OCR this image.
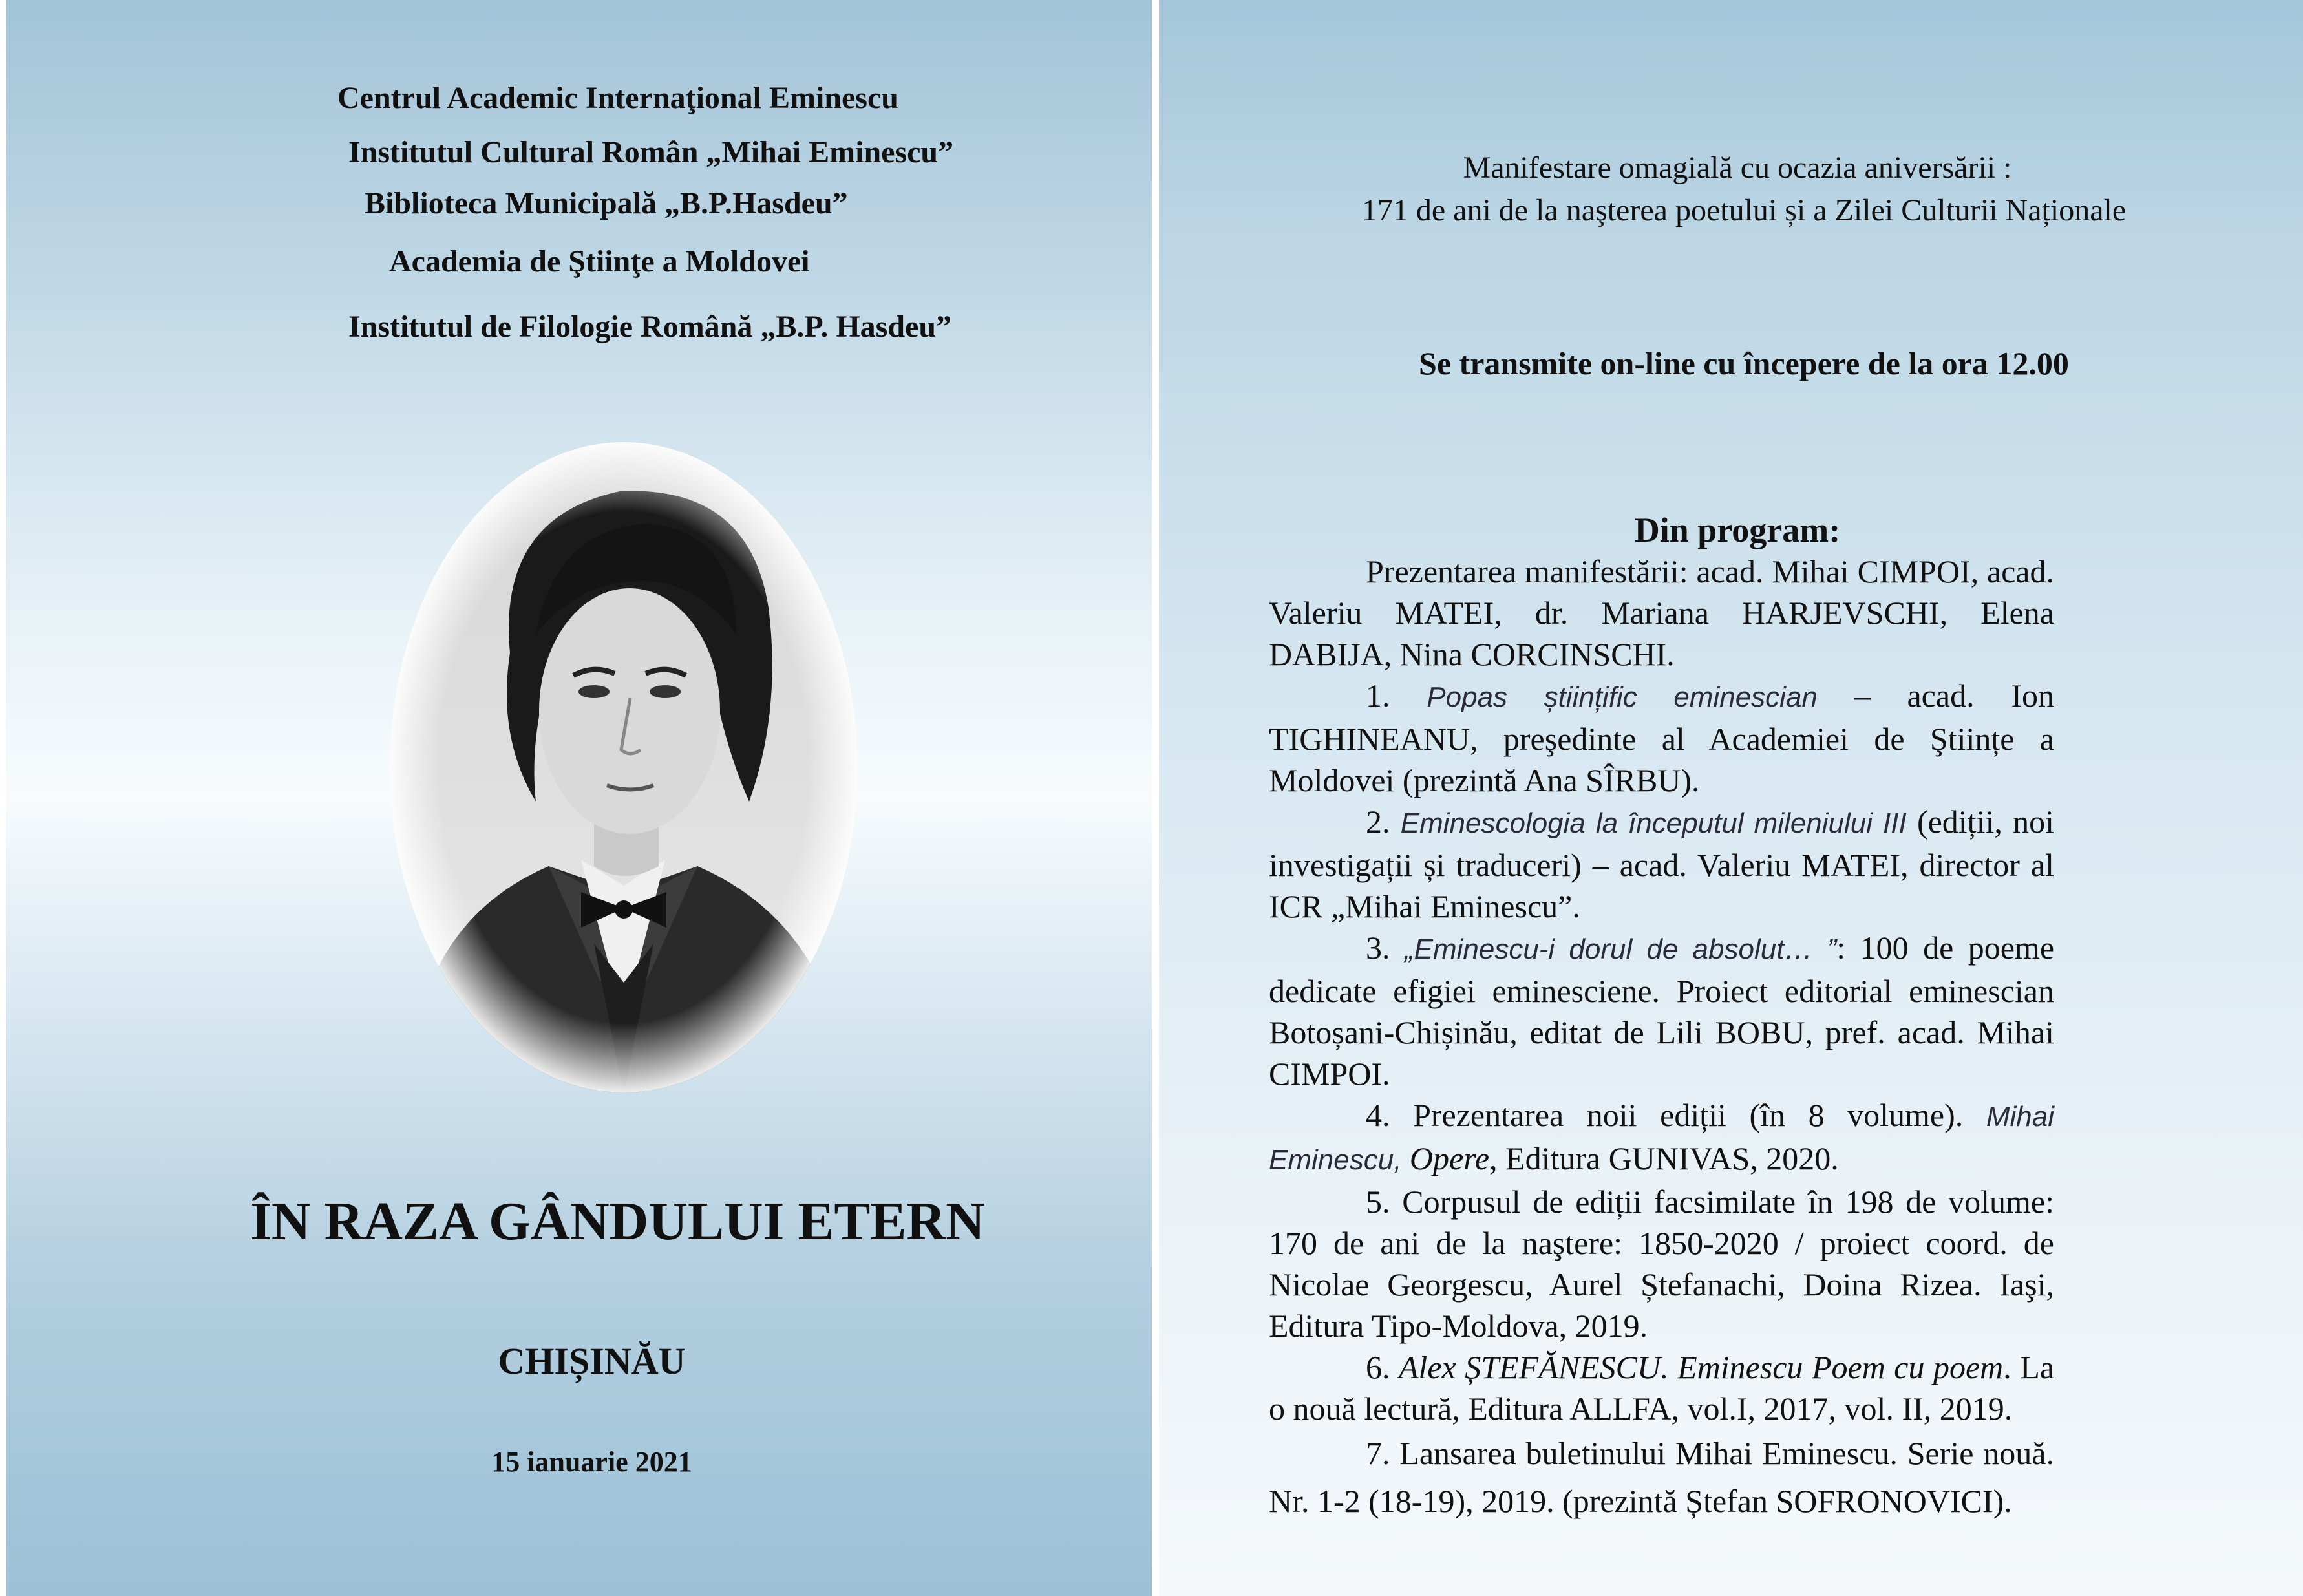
Centrul Academic Internaţional Eminescu
Institutul Cultural Român „Mihai Eminescu”
Biblioteca Municipală „B.P.Hasdeu”
Academia de Ştiinţe a Moldovei
Institutul de Filologie Română „B.P. Hasdeu”
ÎN RAZA GÂNDULUI ETERN
CHIȘINĂU
15 ianuarie 2021
Manifestare omagială cu ocazia aniversării :
171 de ani de la naşterea poetului și a Zilei Culturii Naționale
Se transmite on-line cu începere de la ora 12.00
Din program:

Prezentarea manifestării: acad. Mihai CIMPOI, acad. Valeriu MATEI, dr. Mariana HARJEVSCHI, Elena DABIJA, Nina CORCINSCHI.

1. Popas științific eminescian – acad. Ion TIGHINEANU, preşedinte al Academiei de Ştiințe a Moldovei (prezintă Ana SÎRBU).

2. Eminescologia la începutul mileniului III (ediții, noi investigații și traduceri) – acad. Valeriu MATEI, director al ICR „Mihai Eminescu”.

3. „Eminescu-i dorul de absolut… ”: 100 de poeme dedicate efigiei eminesciene. Proiect editorial eminescian Botoșani-Chișinău, editat de Lili BOBU, pref. acad. Mihai CIMPOI.

4. Prezentarea noii ediții (în 8 volume). Mihai Eminescu, Opere, Editura GUNIVAS, 2020.

5. Corpusul de ediții facsimilate în 198 de volume: 170 de ani de la naştere: 1850-2020 / proiect coord. de Nicolae Georgescu, Aurel Ștefanachi, Doina Rizea. Iaşi, Editura Tipo-Moldova, 2019.

6. Alex ȘTEFĂNESCU. Eminescu Poem cu poem. La o nouă lectură, Editura ALLFA, vol.I, 2017, vol. II, 2019.

7. Lansarea buletinului Mihai Eminescu. Serie nouă. Nr. 1-2 (18-19), 2019. (prezintă Ștefan SOFRONOVICI).
